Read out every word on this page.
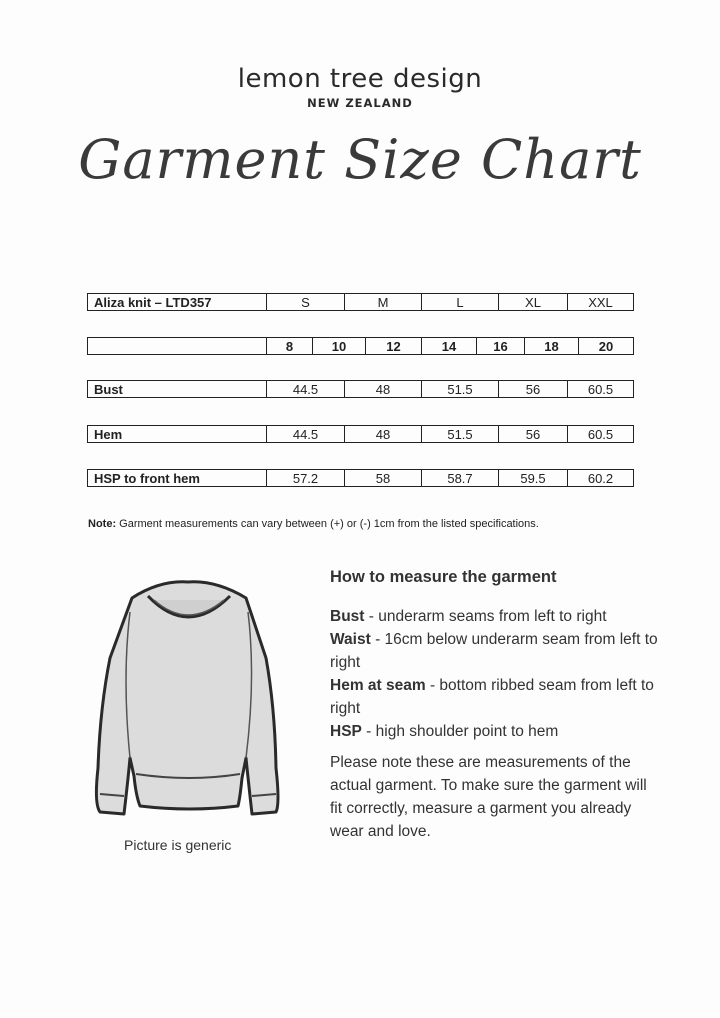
lemon tree design
NEW ZEALAND
Garment Size Chart
Aliza knit – LTD357	S	M	L	XL	XXL
	8	10	12	14	16	18	20
Bust	44.5	48	51.5	56	60.5
Hem	44.5	48	51.5	56	60.5
HSP to front hem	57.2	58	58.7	59.5	60.2
Note: Garment measurements can vary between (+) or (-) 1cm from the listed specifications.
Picture is generic
How to measure the garment
Bust - underarm seams from left to right
Waist - 16cm below underarm seam from left to right
Hem at seam - bottom ribbed seam from left to right
HSP - high shoulder point to hem
Please note these are measurements of the actual garment. To make sure the garment will fit correctly, measure a garment you already wear and love.
